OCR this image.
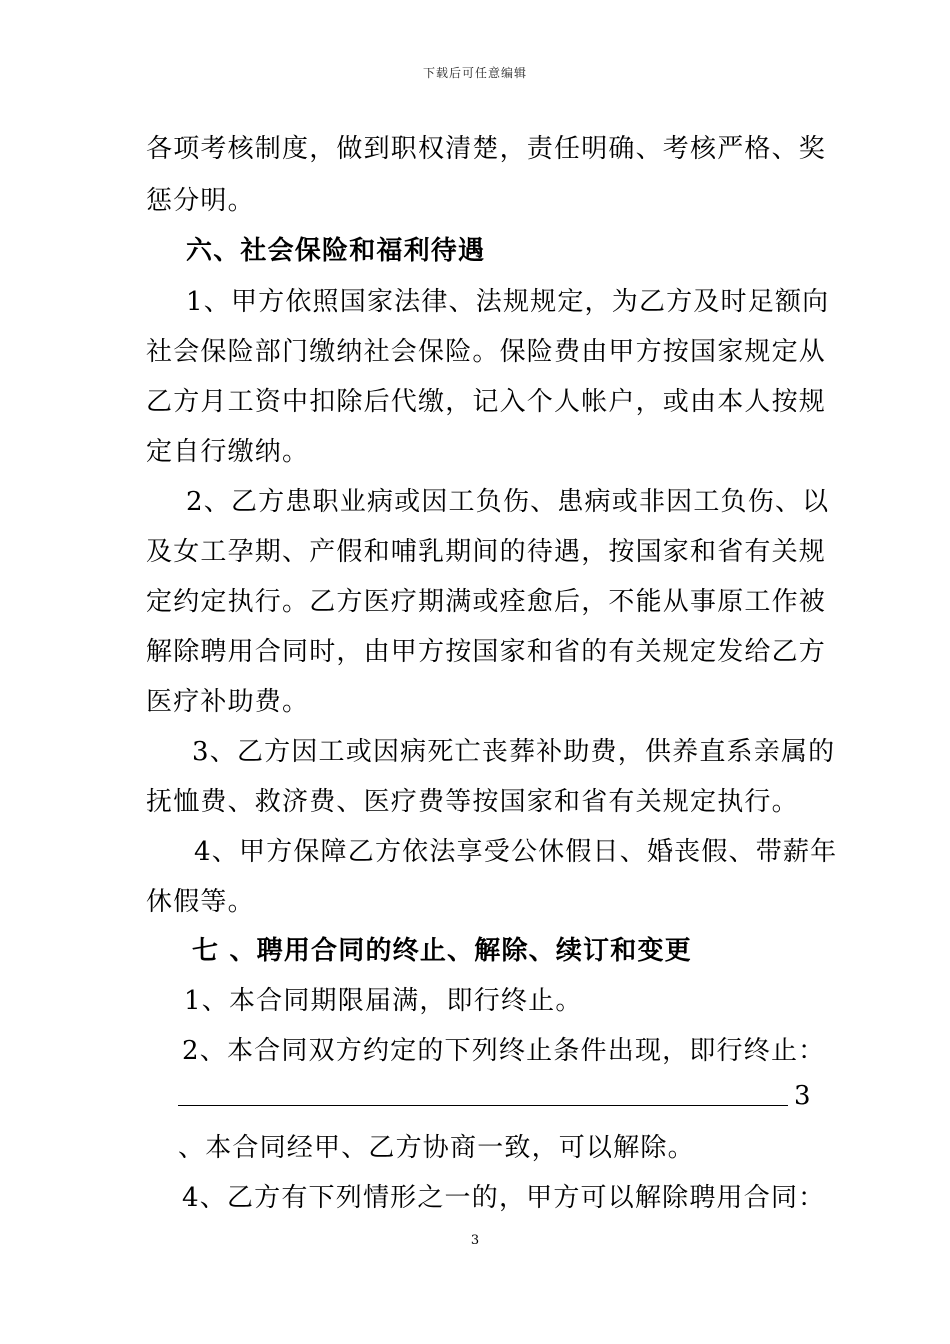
下载后可任意编辑
各项考核制度，做到职权清楚，责任明确、考核严格、奖
惩分明。
六、社会保险和福利待遇
1、甲方依照国家法律、法规规定，为乙方及时足额向
社会保险部门缴纳社会保险。保险费由甲方按国家规定从
乙方月工资中扣除后代缴，记入个人帐户，或由本人按规
定自行缴纳。
2、乙方患职业病或因工负伤、患病或非因工负伤、以
及女工孕期、产假和哺乳期间的待遇，按国家和省有关规
定约定执行。乙方医疗期满或痊愈后，不能从事原工作被
解除聘用合同时，由甲方按国家和省的有关规定发给乙方
医疗补助费。
3、乙方因工或因病死亡丧葬补助费，供养直系亲属的
抚恤费、救济费、医疗费等按国家和省有关规定执行。
4、甲方保障乙方依法享受公休假日、婚丧假、带薪年
休假等。
七 、聘用合同的终止、解除、续订和变更
1、本合同期限届满，即行终止。
2、本合同双方约定的下列终止条件出现，即行终止：
3
、本合同经甲、乙方协商一致，可以解除。
4、乙方有下列情形之一的，甲方可以解除聘用合同：
3
